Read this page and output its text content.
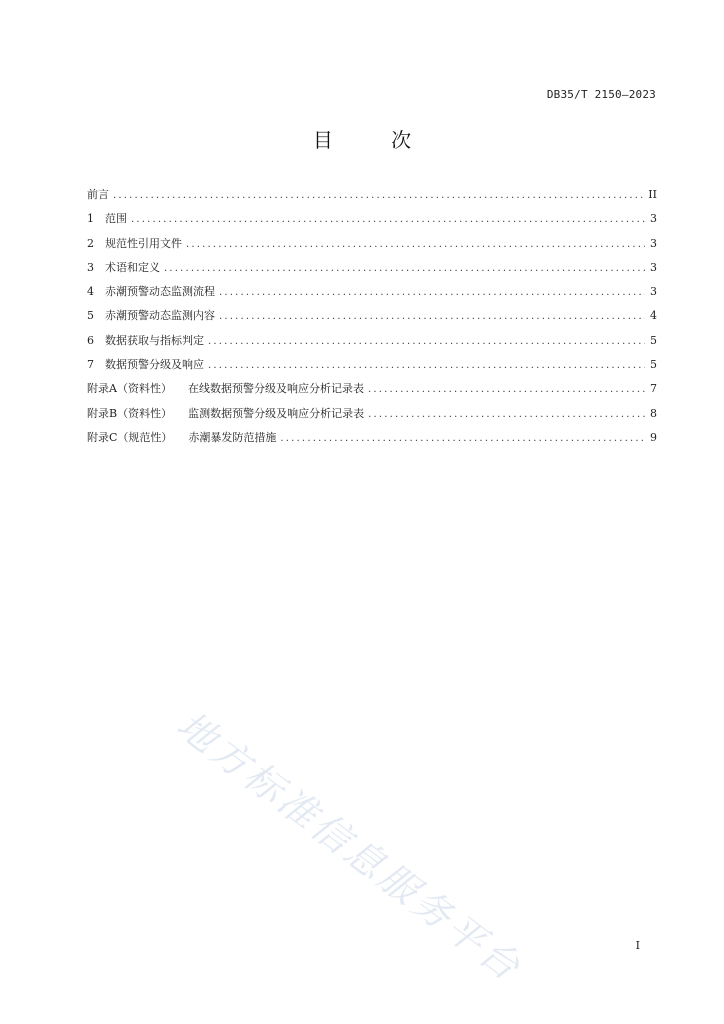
DB35/T 2150—2023
目 次
前言 .....	II
1	范围 .....	3
2	规范性引用文件 .....	3
3	术语和定义 .....	3
4	赤潮预警动态监测流程 .....	3
5	赤潮预警动态监测内容 .....	4
6	数据获取与指标判定 .....	5
7	数据预警分级及响应 .....	5
附录A（资料性） 在线数据预警分级及响应分析记录表 .....	7
附录B（资料性） 监测数据预警分级及响应分析记录表 .....	8
附录C（规范性） 赤潮暴发防范措施 .....	9
地方标准信息服务平台	I
